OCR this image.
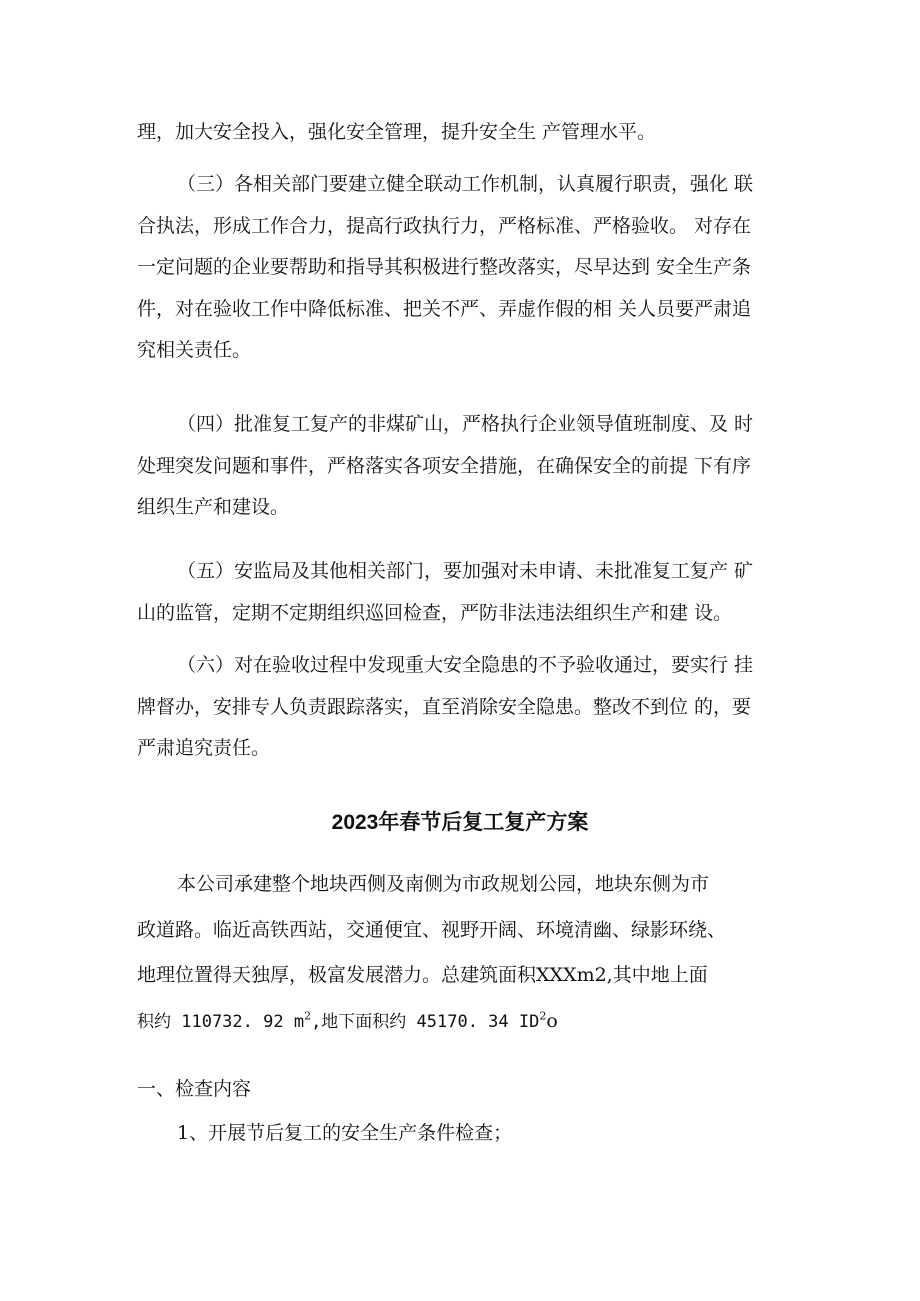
理，加大安全投入，强化安全管理，提升安全生 产管理水平。

（三）各相关部门要建立健全联动工作机制，认真履行职责，强化 联
合执法，形成工作合力，提高行政执行力，严格标准、严格验收。 对存在
一定问题的企业要帮助和指导其积极进行整改落实，尽早达到 安全生产条
件，对在验收工作中降低标准、把关不严、弄虚作假的相 关人员要严肃追
究相关责任。

（四）批准复工复产的非煤矿山，严格执行企业领导值班制度、及 时
处理突发问题和事件，严格落实各项安全措施，在确保安全的前提 下有序
组织生产和建设。

（五）安监局及其他相关部门，要加强对未申请、未批准复工复产 矿
山的监管，定期不定期组织巡回检查，严防非法违法组织生产和建 设。

（六）对在验收过程中发现重大安全隐患的不予验收通过，要实行 挂
牌督办，安排专人负责跟踪落实，直至消除安全隐患。整改不到位 的，要
严肃追究责任。

2023年春节后复工复产方案

本公司承建整个地块西侧及南侧为市政规划公园，地块东侧为市
政道路。临近高铁西站，交通便宜、视野开阔、环境清幽、绿影环绕、
地理位置得天独厚，极富发展潜力。总建筑面积XXXm2,其中地上面
积约 110732. 92 $m^2$,地下面积约 45170. 34 $ID^2o$

一、检查内容

1、开展节后复工的安全生产条件检查；
